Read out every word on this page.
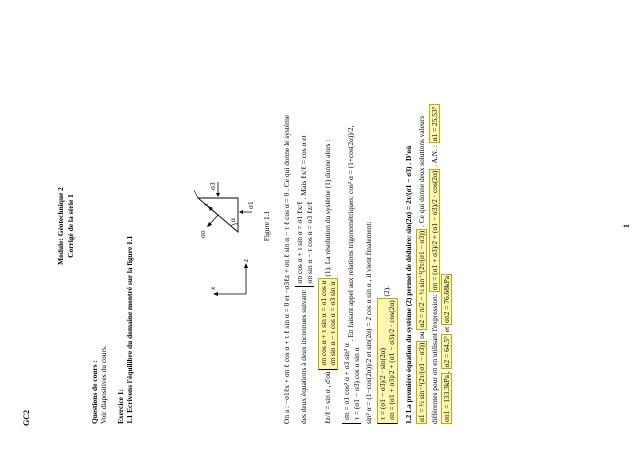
GC2
Module: Géotechnique 2 Corrigé de la série 1
Questions de cours : Voir diapositives du cours. Exercice 1: 1.1 Ecrivons l'équilibre du domaine montré sur la figure 1.1	x
z
σn
τ
α
σ1
σ3
Figure 1.1 On a : −σ1ℓx + σn ℓ cos α + τ ℓ sin α = 0 et −σ3ℓz + σn ℓ sin α − τ ℓ cos α = 0 . Ce qui donne le système	des deux équations à deux inconnues suivant:
σn cos α + τ sin α = σ1 ℓx/ℓ σn sin α − τ cos α = σ3 ℓz/ℓ
. Mais ℓx/ℓ = cos α et
ℓz/ℓ = sin α , d'où
σn cos α + τ sin α = σ1 cos α σn sin α − τ cos α = σ3 sin α
(1). La résolution du système (1) donne alors :
σn = σ1 cos² α + σ3 sin² α τ = (σ1 − σ3) cos α sin α
. En faisant appel aux relations trigonométriques: cos² α = (1+cos(2α))/2,
sin² α = (1−cos(2α))/2 et sin(2α) = 2 cos α sin α , il vient finalement:
τ = (σ1 − σ3)/2 · sin(2α) σn = (σ1 + σ3)/2 + (σ1 − σ3)/2 · cos(2α)
(2).	1.2 La première équation du système (2) permet de déduire: sin(2α) = 2τ/(σ1 − σ3) . D'où
α1 = ½ sin⁻¹(2τ/(σ1 − σ3)) ou α2 = π/2 − ½ sin⁻¹(2τ/(σ1 − σ3)) . Ce qui donne deux solutions valeurs
différentes pour σn en utilisant l'expression: σn = (σ1 + σ3)/2 + (σ1 − σ3)/2 · cos(2α) . A.N. : α1 = 25.53°
σn1 = 133.3kPa, α2 = 64.5° et σn2 = 76.68kPa
1
